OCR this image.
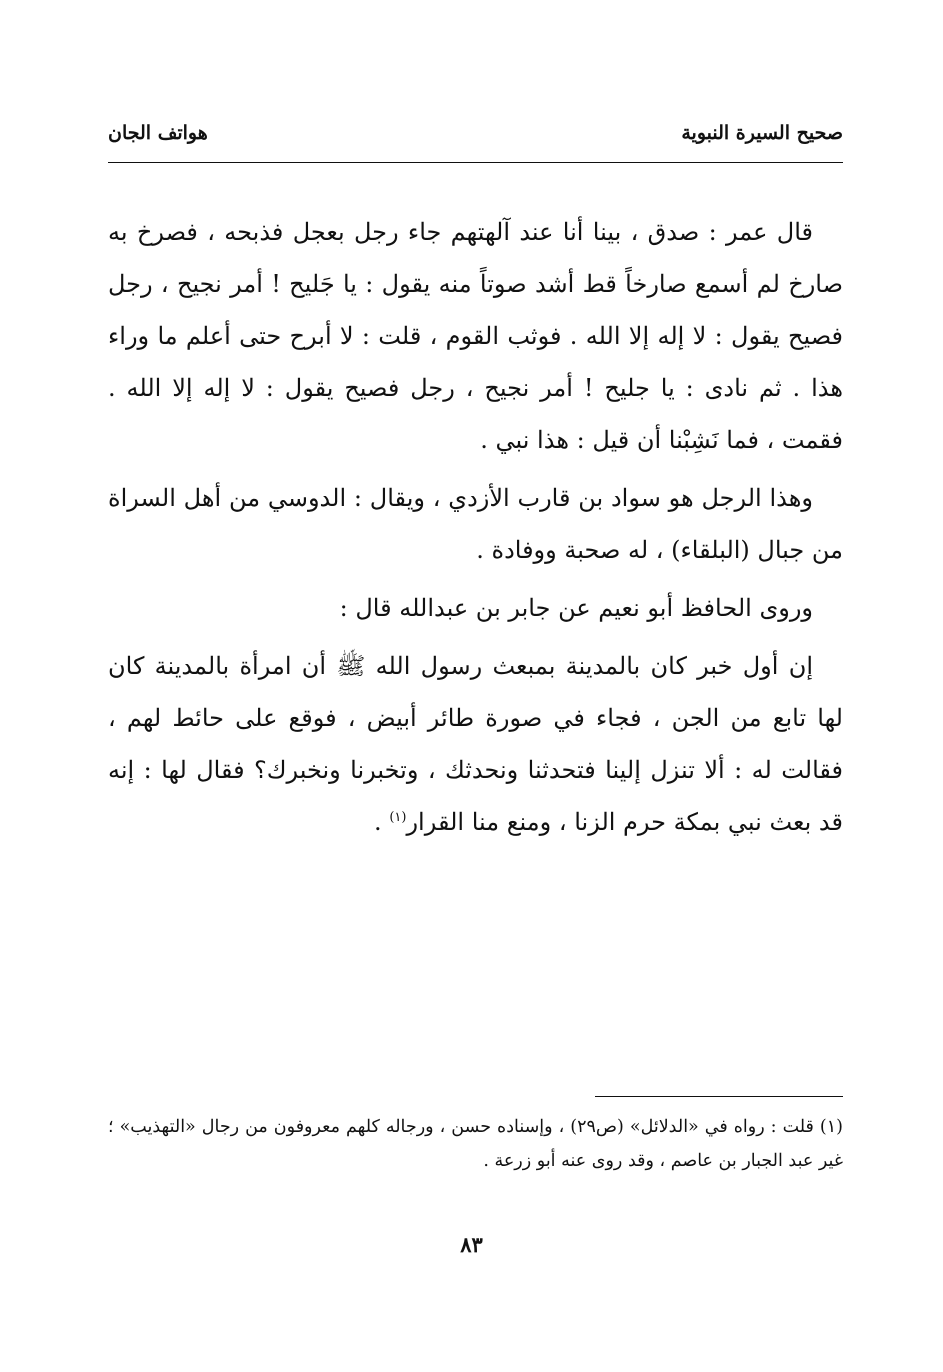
صحيح السيرة النبوية
هواتف الجان

قال عمر : صدق ، بينا أنا عند آلهتهم جاء رجل بعجل فذبحه ، فصرخ به صارخ لم أسمع صارخاً قط أشد صوتاً منه يقول : يا جَليح ! أمر نجيح ، رجل فصيح يقول : لا إله إلا الله . فوثب القوم ، قلت : لا أبرح حتى أعلم ما وراء هذا . ثم نادى : يا جليح ! أمر نجيح ، رجل فصيح يقول : لا إله إلا الله . فقمت ، فما نَشِبْنا أن قيل : هذا نبي .

وهذا الرجل هو سواد بن قارب الأزدي ، ويقال : الدوسي من أهل السراة من جبال (البلقاء) ، له صحبة ووفادة .

وروى الحافظ أبو نعيم عن جابر بن عبدالله قال :

إن أول خبر كان بالمدينة بمبعث رسول الله ﷺ أن امرأة بالمدينة كان لها تابع من الجن ، فجاء في صورة طائر أبيض ، فوقع على حائط لهم ، فقالت له : ألا تنزل إلينا فتحدثنا ونحدثك ، وتخبرنا ونخبرك؟ فقال لها : إنه قد بعث نبي بمكة حرم الزنا ، ومنع منا القرار$^{(١)}$ .

(١) قلت : رواه في «الدلائل» (ص٢٩) ، وإسناده حسن ، ورجاله كلهم معروفون من رجال «التهذيب» ؛ غير عبد الجبار بن عاصم ، وقد روى عنه أبو زرعة .
٨٣
